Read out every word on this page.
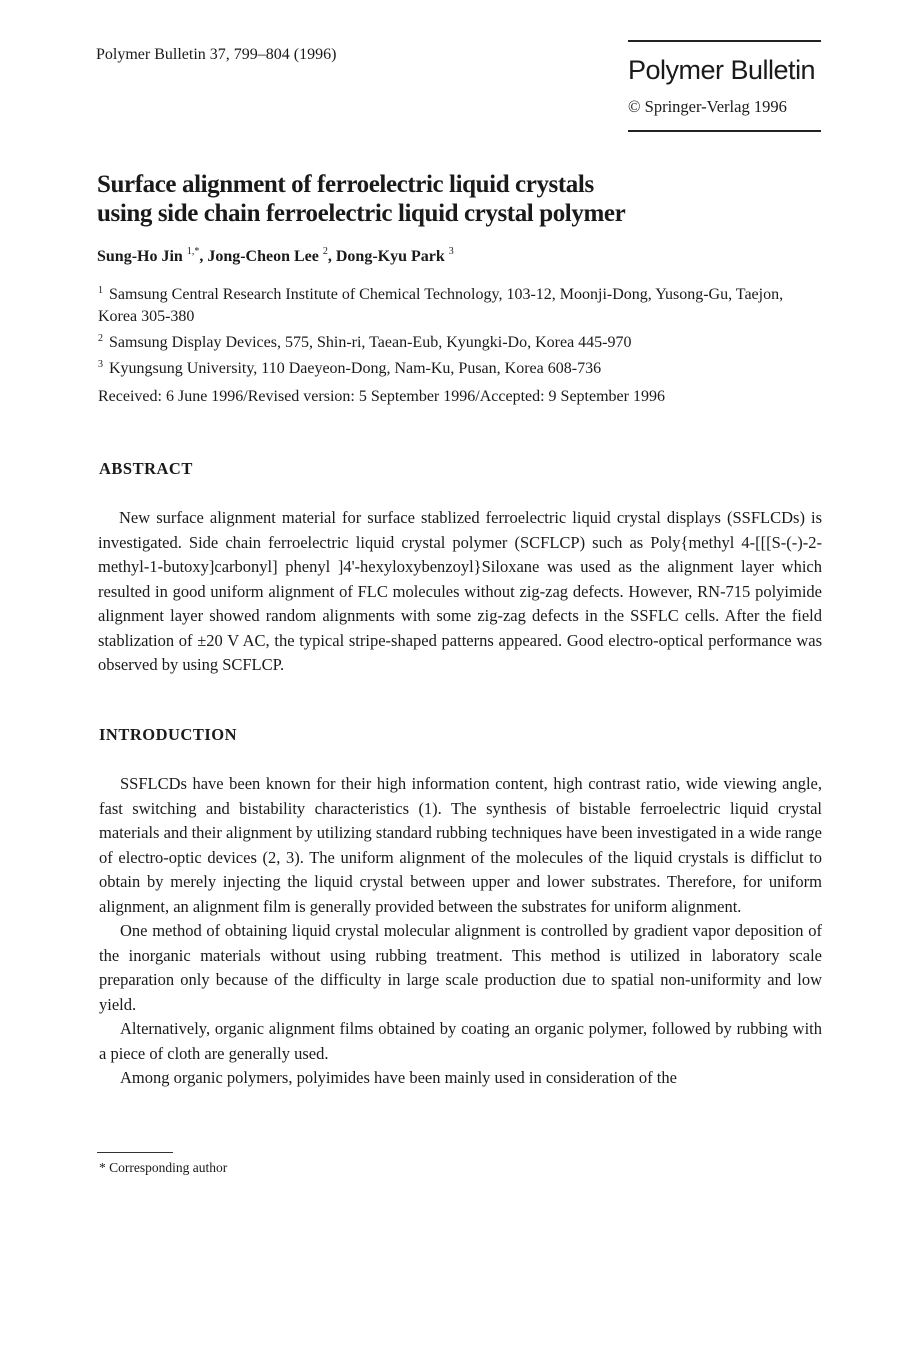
Polymer Bulletin 37, 799–804 (1996)
Polymer Bulletin
© Springer-Verlag 1996
Surface alignment of ferroelectric liquid crystals
using side chain ferroelectric liquid crystal polymer
Sung-Ho Jin $^{1,*}$, Jong-Cheon Lee $^2$, Dong-Kyu Park $^3$
$^1$ Samsung Central Research Institute of Chemical Technology, 103-12, Moonji-Dong, Yusong-Gu, Taejon, Korea 305-380
$^2$ Samsung Display Devices, 575, Shin-ri, Taean-Eub, Kyungki-Do, Korea 445-970
$^3$ Kyungsung University, 110 Daeyeon-Dong, Nam-Ku, Pusan, Korea 608-736
Received: 6 June 1996/Revised version: 5 September 1996/Accepted: 9 September 1996
ABSTRACT

New surface alignment material for surface stablized ferroelectric liquid crystal displays (SSFLCDs) is investigated. Side chain ferroelectric liquid crystal polymer (SCFLCP) such as Poly{methyl 4-[[[S-(-)-2-methyl-1-butoxy]carbonyl] phenyl ]4'-hexyloxybenzoyl}Siloxane was used as the alignment layer which resulted in good uniform alignment of FLC molecules without zig-zag defects. However, RN-715 polyimide alignment layer showed random alignments with some zig-zag defects in the SSFLC cells. After the field stablization of ±20 V AC, the typical stripe-shaped patterns appeared. Good electro-optical performance was observed by using SCFLCP.

INTRODUCTION

SSFLCDs have been known for their high information content, high contrast ratio, wide viewing angle, fast switching and bistability characteristics (1). The synthesis of bistable ferroelectric liquid crystal materials and their alignment by utilizing standard rubbing techniques have been investigated in a wide range of electro-optic devices (2, 3). The uniform alignment of the molecules of the liquid crystals is difficlut to obtain by merely injecting the liquid crystal between upper and lower substrates. Therefore, for uniform alignment, an alignment film is generally provided between the substrates for uniform alignment.

One method of obtaining liquid crystal molecular alignment is controlled by gradient vapor deposition of the inorganic materials without using rubbing treatment. This method is utilized in laboratory scale preparation only because of the difficulty in large scale production due to spatial non-uniformity and low yield.

Alternatively, organic alignment films obtained by coating an organic polymer, followed by rubbing with a piece of cloth are generally used.

Among organic polymers, polyimides have been mainly used in consideration of the

* Corresponding author
